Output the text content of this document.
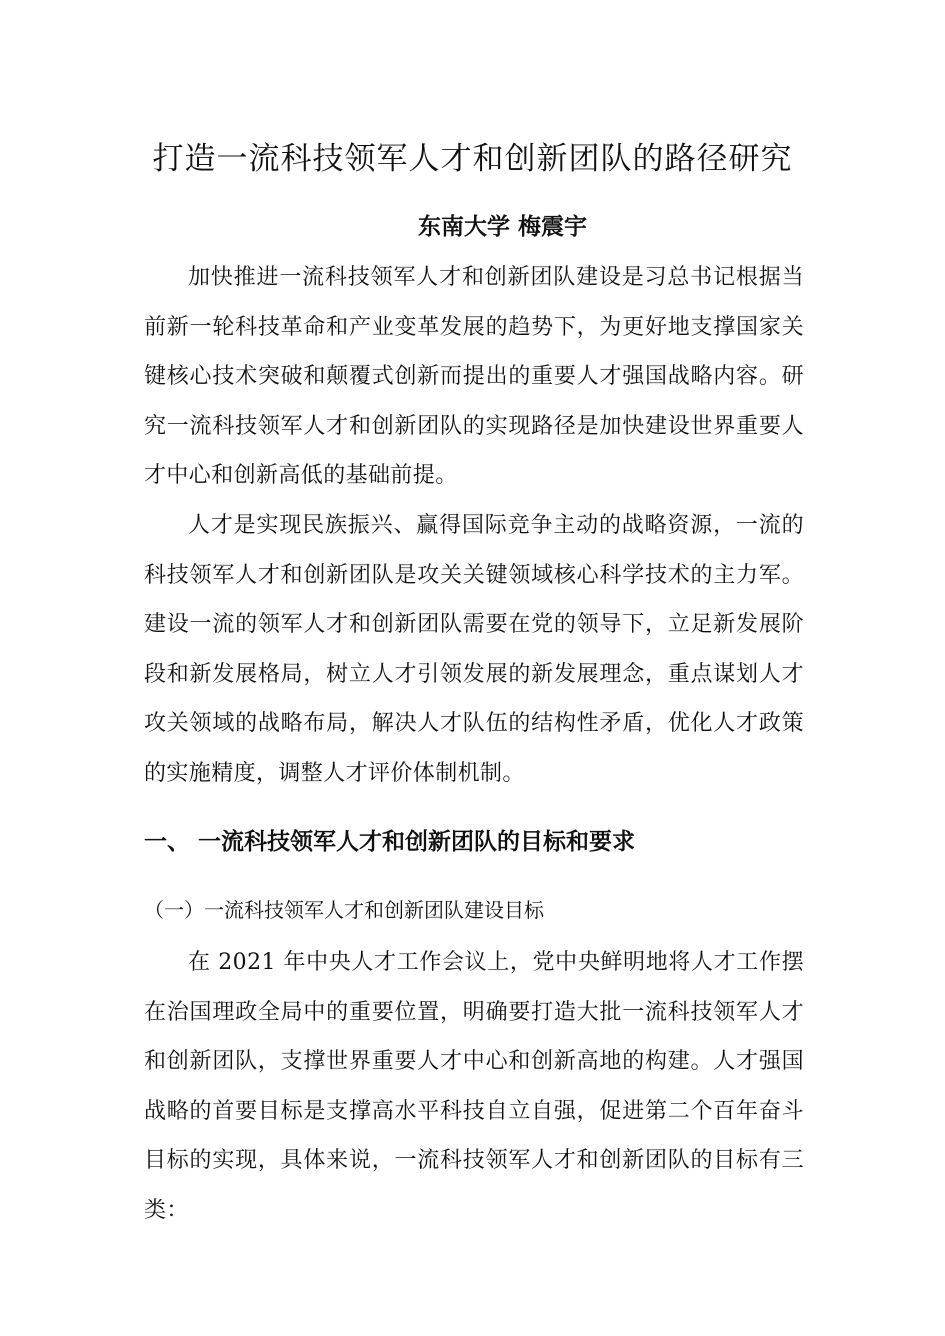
打造一流科技领军人才和创新团队的路径研究
东南大学 梅震宇

加快推进一流科技领军人才和创新团队建设是习总书记根据当前新一轮科技革命和产业变革发展的趋势下，为更好地支撑国家关键核心技术突破和颠覆式创新而提出的重要人才强国战略内容。研究一流科技领军人才和创新团队的实现路径是加快建设世界重要人才中心和创新高低的基础前提。

人才是实现民族振兴、赢得国际竞争主动的战略资源，一流的科技领军人才和创新团队是攻关关键领域核心科学技术的主力军。建设一流的领军人才和创新团队需要在党的领导下，立足新发展阶段和新发展格局，树立人才引领发展的新发展理念，重点谋划人才攻关领域的战略布局，解决人才队伍的结构性矛盾，优化人才政策的实施精度，调整人才评价体制机制。

一、 一流科技领军人才和创新团队的目标和要求
（一）一流科技领军人才和创新团队建设目标

在 2021 年中央人才工作会议上，党中央鲜明地将人才工作摆在治国理政全局中的重要位置，明确要打造大批一流科技领军人才和创新团队，支撑世界重要人才中心和创新高地的构建。人才强国战略的首要目标是支撑高水平科技自立自强，促进第二个百年奋斗目标的实现，具体来说，一流科技领军人才和创新团队的目标有三类：
